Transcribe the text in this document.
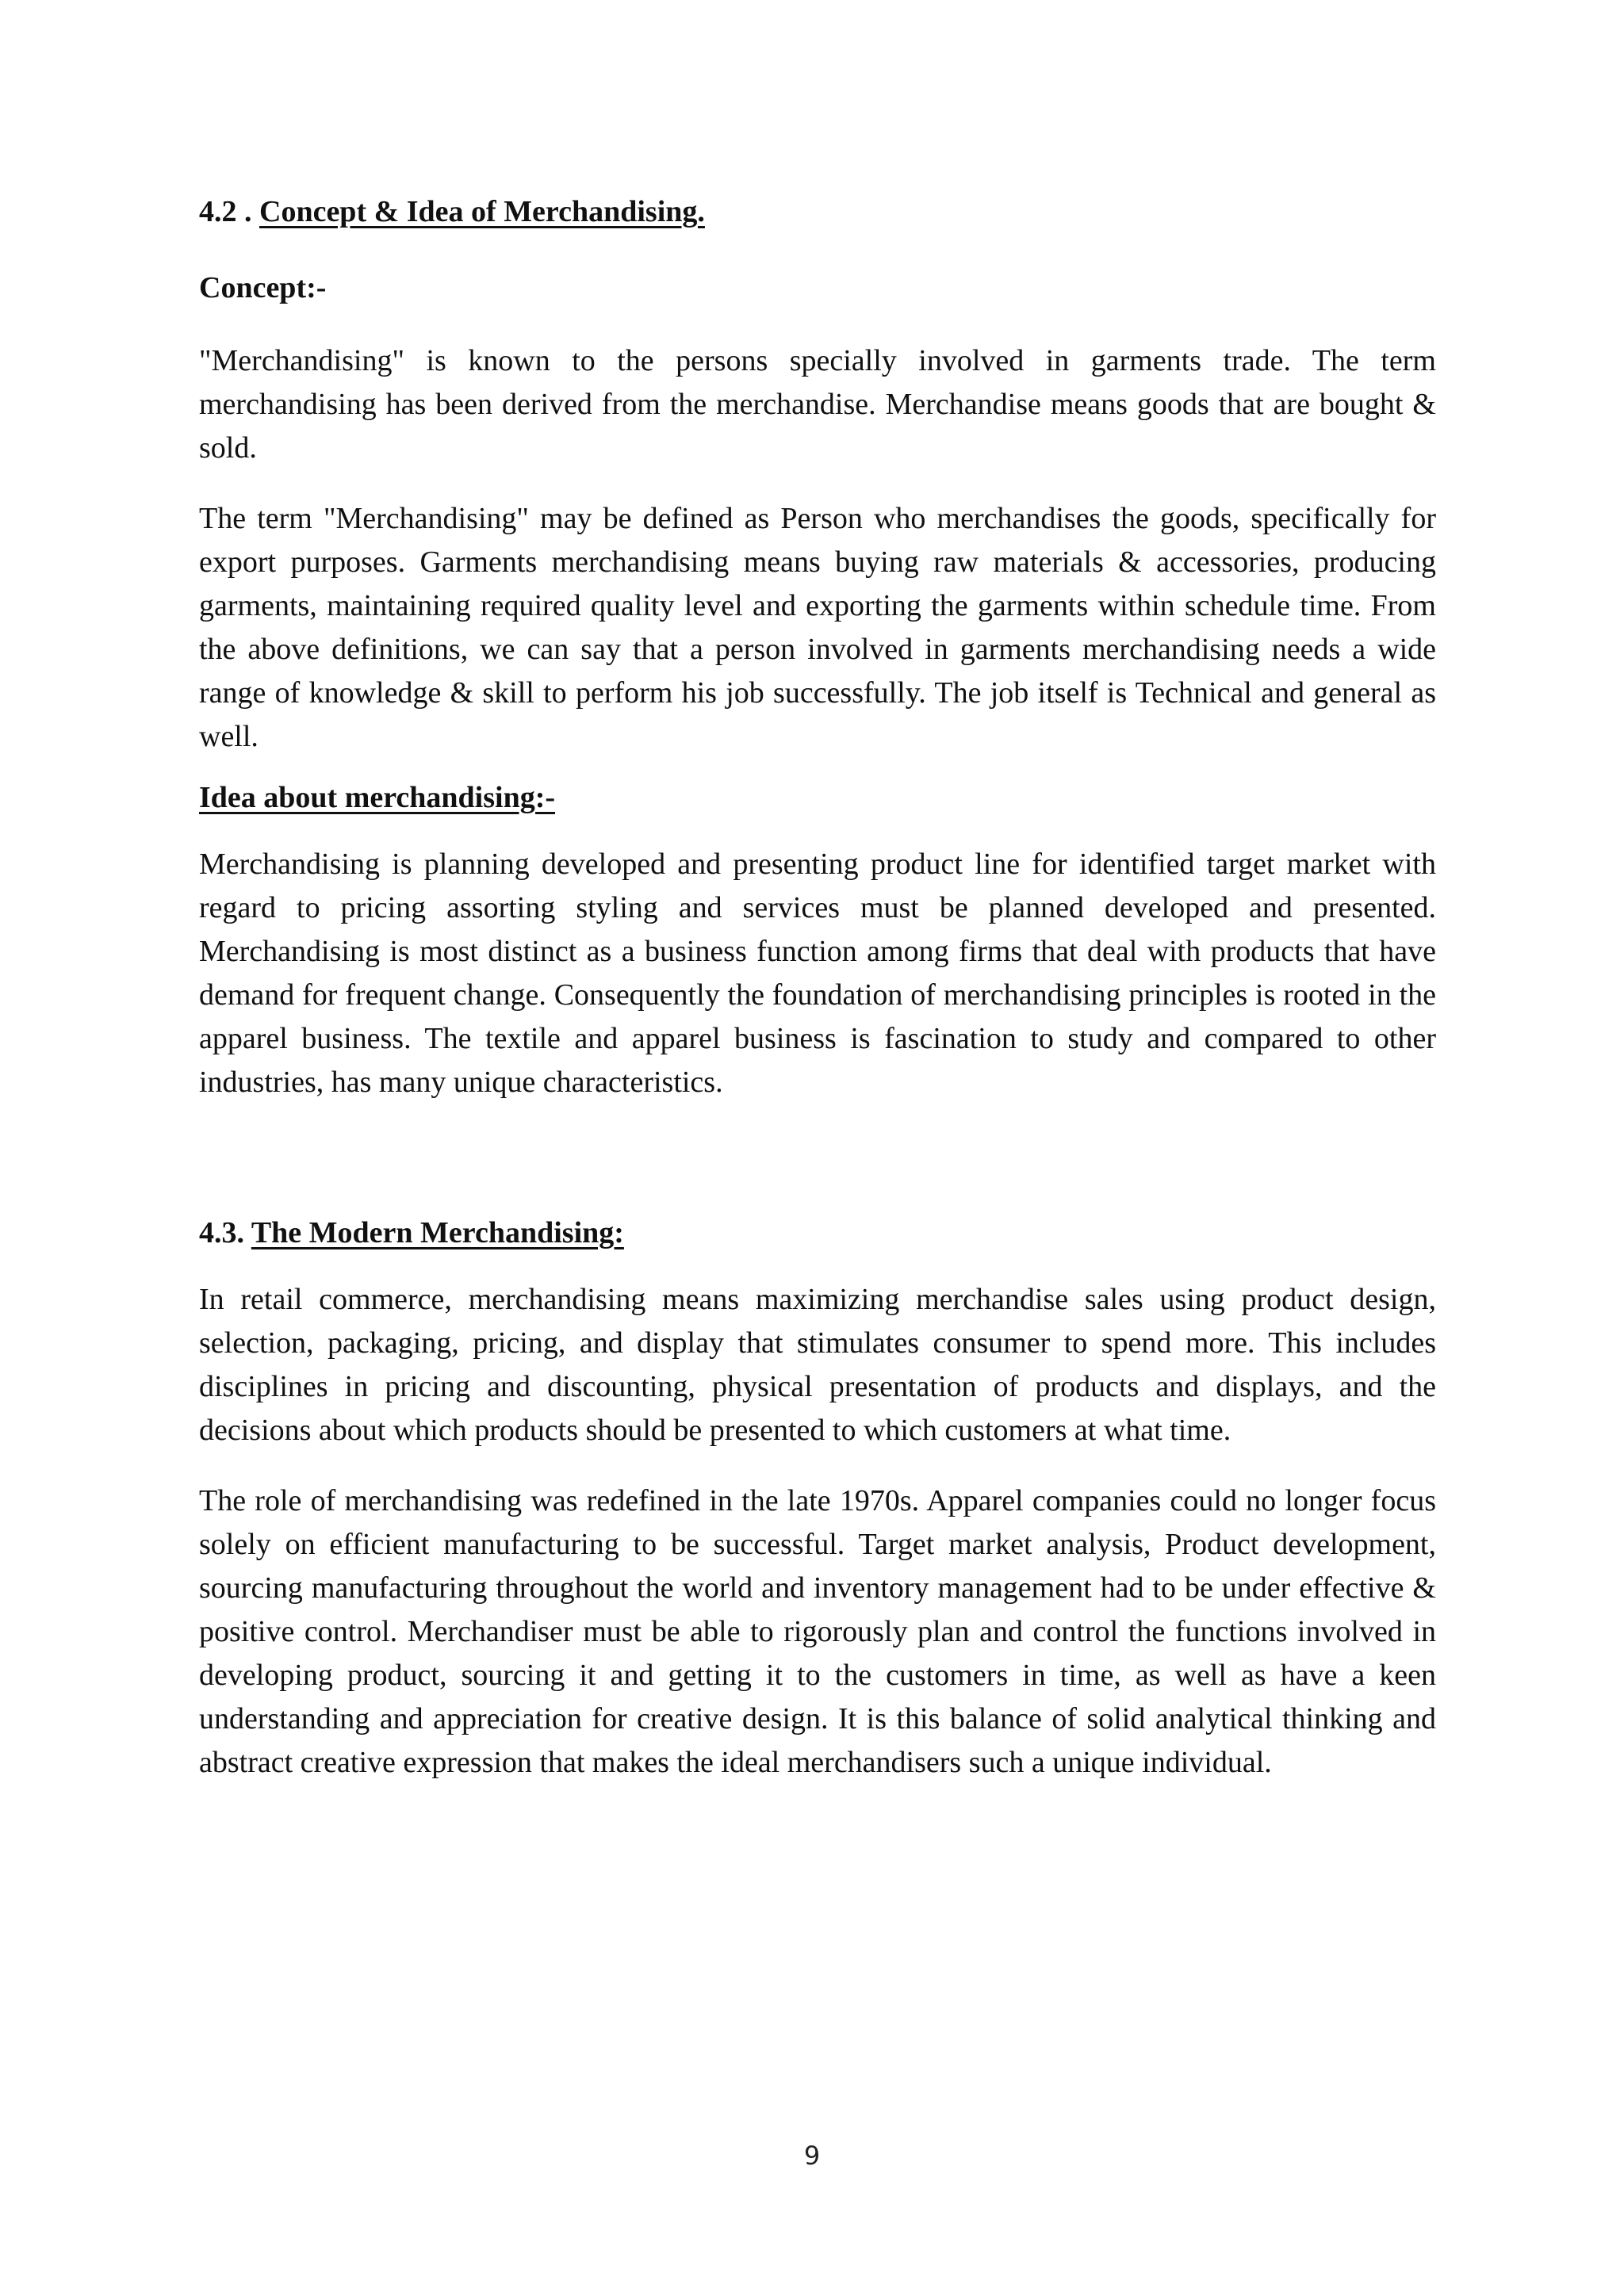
4.2 . Concept & Idea of Merchandising.

Concept:-

"Merchandising" is known to the persons specially involved in garments trade. The term merchandising has been derived from the merchandise. Merchandise means goods that are bought & sold.

The term "Merchandising" may be defined as Person who merchandises the goods, specifically for export purposes. Garments merchandising means buying raw materials & accessories, producing garments, maintaining required quality level and exporting the garments within schedule time. From the above definitions, we can say that a person involved in garments merchandising needs a wide range of knowledge & skill to perform his job successfully. The job itself is Technical and general as well.

Idea about merchandising:-

Merchandising is planning developed and presenting product line for identified target market with regard to pricing assorting styling and services must be planned developed and presented. Merchandising is most distinct as a business function among firms that deal with products that have demand for frequent change. Consequently the foundation of merchandising principles is rooted in the apparel business. The textile and apparel business is fascination to study and compared to other industries, has many unique characteristics.

4.3. The Modern Merchandising:

In retail commerce, merchandising means maximizing merchandise sales using product design, selection, packaging, pricing, and display that stimulates consumer to spend more. This includes disciplines in pricing and discounting, physical presentation of products and displays, and the decisions about which products should be presented to which customers at what time.

The role of merchandising was redefined in the late 1970s. Apparel companies could no longer focus solely on efficient manufacturing to be successful. Target market analysis, Product development, sourcing manufacturing throughout the world and inventory management had to be under effective & positive control. Merchandiser must be able to rigorously plan and control the functions involved in developing product, sourcing it and getting it to the customers in time, as well as have a keen understanding and appreciation for creative design. It is this balance of solid analytical thinking and abstract creative expression that makes the ideal merchandisers such a unique individual.

9
